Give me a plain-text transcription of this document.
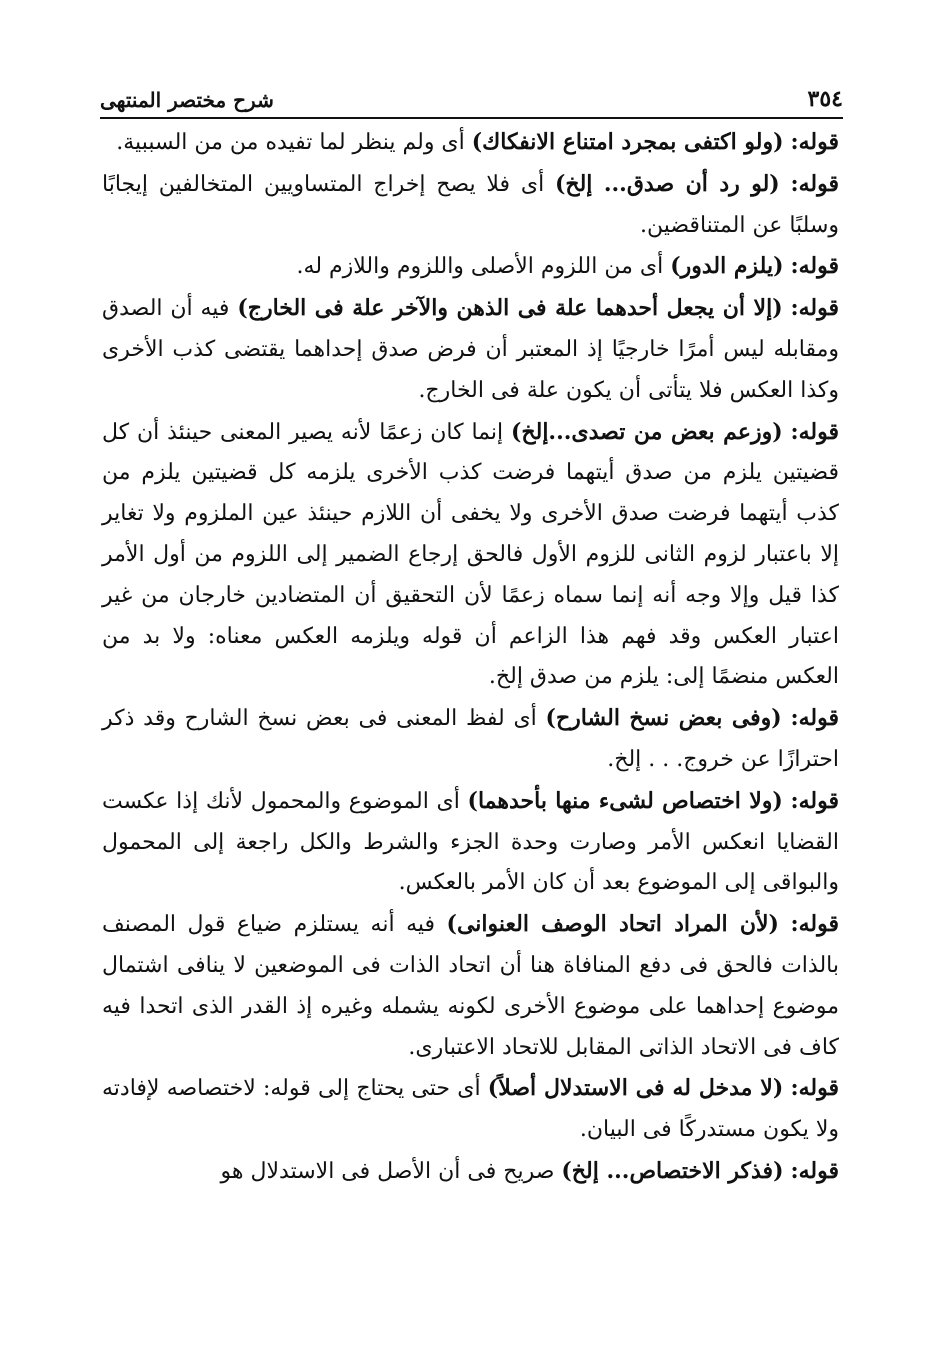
٣٥٤
شرح مختصر المنتهى

قوله: (ولو اكتفى بمجرد امتناع الانفكاك) أى ولم ينظر لما تفيده من من السببية.

قوله: (لو رد أن صدق... إلخ) أى فلا يصح إخراج المتساويين المتخالفين إيجابًا وسلبًا عن المتناقضين.

قوله: (يلزم الدور) أى من اللزوم الأصلى واللزوم واللازم له.

قوله: (إلا أن يجعل أحدهما علة فى الذهن والآخر علة فى الخارج) فيه أن الصدق ومقابله ليس أمرًا خارجيًا إذ المعتبر أن فرض صدق إحداهما يقتضى كذب الأخرى وكذا العكس فلا يتأتى أن يكون علة فى الخارج.

قوله: (وزعم بعض من تصدى...إلخ) إنما كان زعمًا لأنه يصير المعنى حينئذ أن كل قضيتين يلزم من صدق أيتهما فرضت كذب الأخرى يلزمه كل قضيتين يلزم من كذب أيتهما فرضت صدق الأخرى ولا يخفى أن اللازم حينئذ عين الملزوم ولا تغاير إلا باعتبار لزوم الثانى للزوم الأول فالحق إرجاع الضمير إلى اللزوم من أول الأمر كذا قيل وإلا وجه أنه إنما سماه زعمًا لأن التحقيق أن المتضادين خارجان من غير اعتبار العكس وقد فهم هذا الزاعم أن قوله ويلزمه العكس معناه: ولا بد من العكس منضمًا إلى: يلزم من صدق إلخ.

قوله: (وفى بعض نسخ الشارح) أى لفظ المعنى فى بعض نسخ الشارح وقد ذكر احترازًا عن خروج. . . إلخ.

قوله: (ولا اختصاص لشىء منها بأحدهما) أى الموضوع والمحمول لأنك إذا عكست القضايا انعكس الأمر وصارت وحدة الجزء والشرط والكل راجعة إلى المحمول والبواقى إلى الموضوع بعد أن كان الأمر بالعكس.

قوله: (لأن المراد اتحاد الوصف العنوانى) فيه أنه يستلزم ضياع قول المصنف بالذات فالحق فى دفع المنافاة هنا أن اتحاد الذات فى الموضعين لا ينافى اشتمال موضوع إحداهما على موضوع الأخرى لكونه يشمله وغيره إذ القدر الذى اتحدا فيه كاف فى الاتحاد الذاتى المقابل للاتحاد الاعتبارى.

قوله: (لا مدخل له فى الاستدلال أصلاً) أى حتى يحتاج إلى قوله: لاختصاصه لإفادته ولا يكون مستدركًا فى البيان.

قوله: (فذكر الاختصاص... إلخ) صريح فى أن الأصل فى الاستدلال هو
